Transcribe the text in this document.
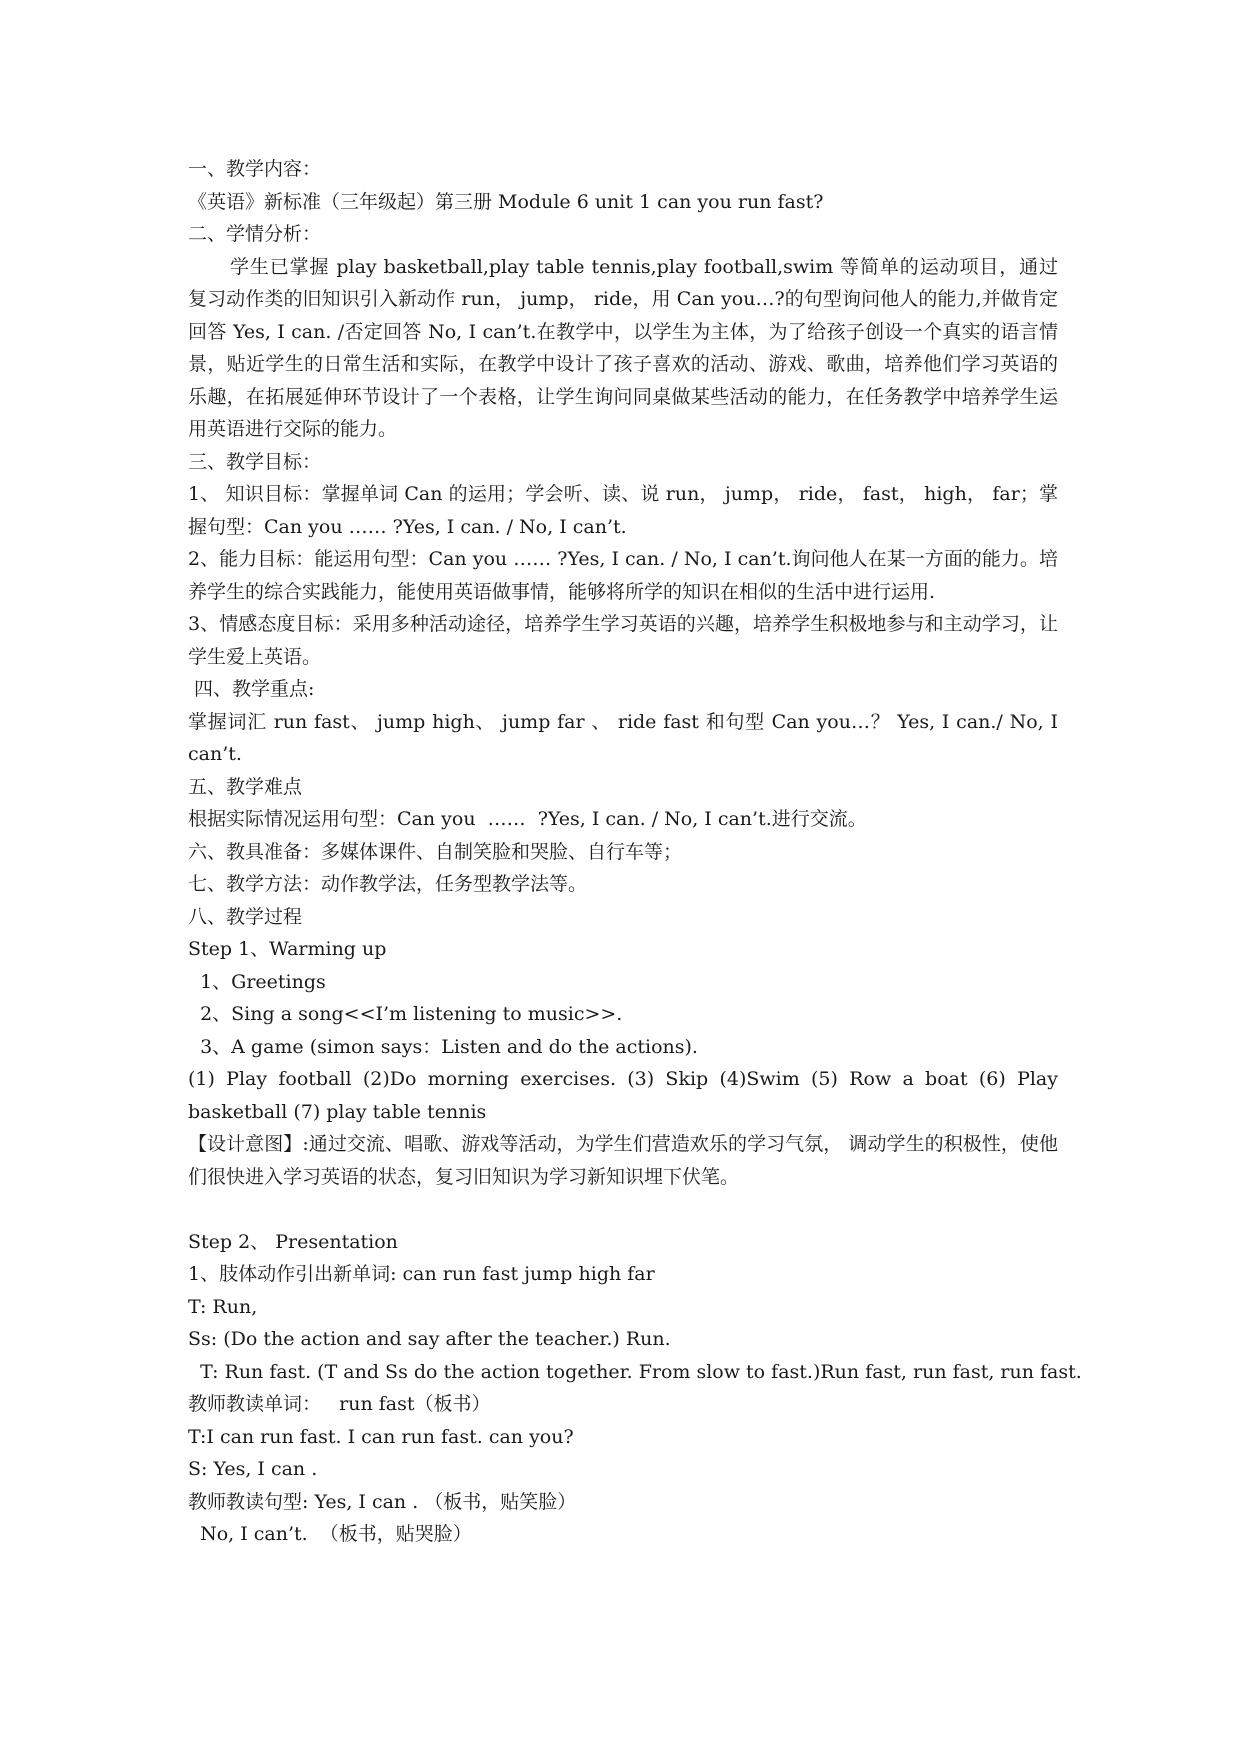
一、教学内容：
《英语》新标准（三年级起）第三册 Module 6 unit 1 can you run fast?
二、学情分析：

学生已掌握 play basketball,play table tennis,play football,swim 等简单的运动项目，通过复习动作类的旧知识引入新动作 run， jump， ride，用 Can you…?的句型询问他人的能力,并做肯定回答 Yes, I can. /否定回答 No, I can’t.在教学中，以学生为主体，为了给孩子创设一个真实的语言情景，贴近学生的日常生活和实际，在教学中设计了孩子喜欢的活动、游戏、歌曲，培养他们学习英语的乐趣，在拓展延伸环节设计了一个表格，让学生询问同桌做某些活动的能力，在任务教学中培养学生运用英语进行交际的能力。

三、教学目标：

1、 知识目标：掌握单词 Can 的运用；学会听、读、说 run， jump， ride， fast， high， far；掌握句型：Can you …… ?Yes, I can. / No, I can’t.

2、能力目标：能运用句型：Can you …… ?Yes, I can. / No, I can’t.询问他人在某一方面的能力。培养学生的综合实践能力，能使用英语做事情，能够将所学的知识在相似的生活中进行运用.

3、情感态度目标：采用多种活动途径，培养学生学习英语的兴趣，培养学生积极地参与和主动学习，让学生爱上英语。

四、教学重点:

掌握词汇 run fast、 jump high、 jump far 、 ride fast 和句型 Can you…？ Yes, I can./ No, I can’t.

五、教学难点
根据实际情况运用句型：Can you  ……  ?Yes, I can. / No, I can’t.进行交流。
六、教具准备：多媒体课件、自制笑脸和哭脸、自行车等；
七、教学方法：动作教学法，任务型教学法等。
八、教学过程
Step 1、Warming up
1、Greetings
2、Sing a song<<I’m listening to music>>.
3、A game (simon says：Listen and do the actions).

(1) Play football (2)Do morning exercises. (3) Skip (4)Swim (5) Row a boat (6) Play basketball (7) play table tennis

【设计意图】:通过交流、唱歌、游戏等活动，为学生们营造欢乐的学习气氛， 调动学生的积极性，使他们很快进入学习英语的状态，复习旧知识为学习新知识埋下伏笔。

Step 2、 Presentation
1、肢体动作引出新单词: can run fast jump high far
T: Run,
Ss: (Do the action and say after the teacher.) Run.
T: Run fast. (T and Ss do the action together. From slow to fast.)Run fast, run fast, run fast.
教师教读单词：   run fast（板书）
T:I can run fast. I can run fast. can you?
S: Yes, I can .
教师教读句型: Yes, I can . （板书，贴笑脸）
No, I can’t.  （板书，贴哭脸）
